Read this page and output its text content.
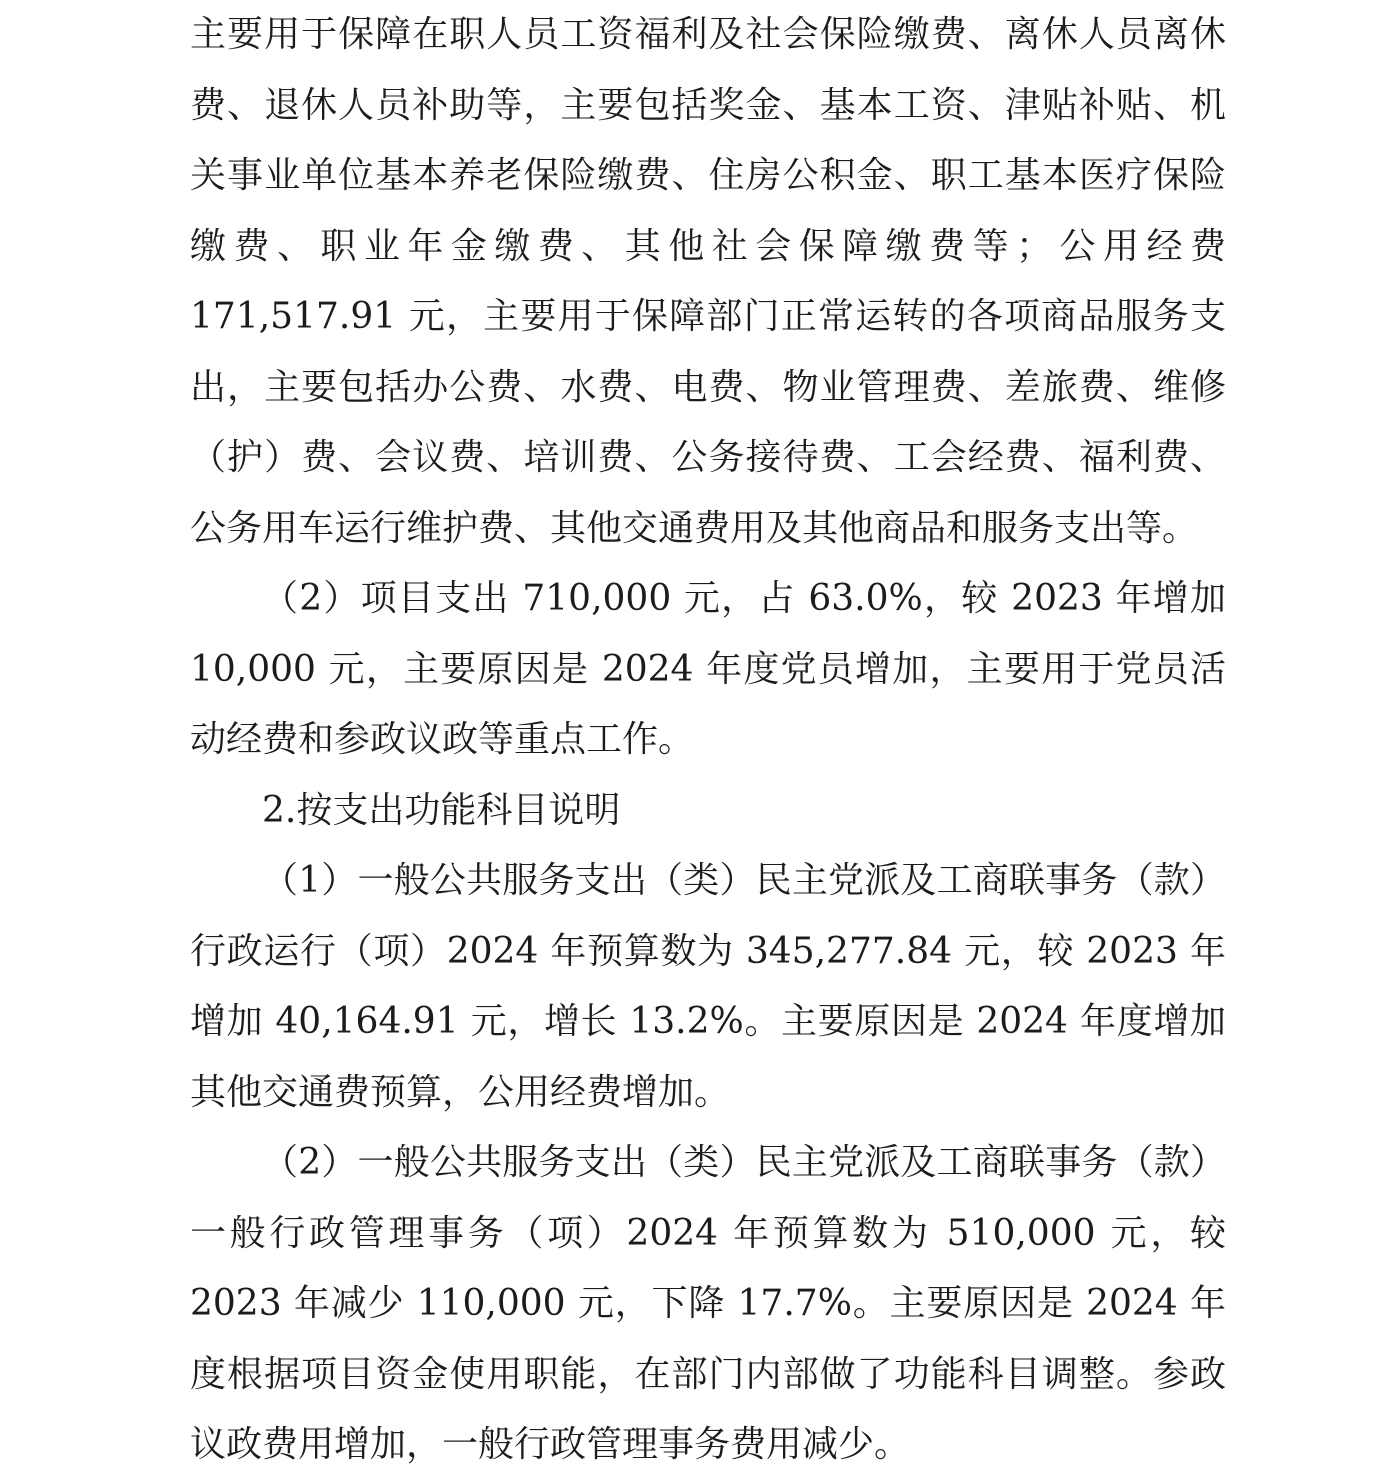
主要用于保障在职人员工资福利及社会保险缴费、离休人员离休费、退休人员补助等，主要包括奖金、基本工资、津贴补贴、机关事业单位基本养老保险缴费、住房公积金、职工基本医疗保险缴费、职业年金缴费、其他社会保障缴费等；公用经费171,517.91 元，主要用于保障部门正常运转的各项商品服务支出，主要包括办公费、水费、电费、物业管理费、差旅费、维修（护）费、会议费、培训费、公务接待费、工会经费、福利费、公务用车运行维护费、其他交通费用及其他商品和服务支出等。

（2）项目支出 710,000 元，占 63.0%，较 2023 年增加 10,000 元，主要原因是 2024 年度党员增加，主要用于党员活动经费和参政议政等重点工作。

2.按支出功能科目说明

（1）一般公共服务支出（类）民主党派及工商联事务（款）行政运行（项）2024 年预算数为 345,277.84 元，较 2023 年增加 40,164.91 元，增长 13.2%。主要原因是 2024 年度增加其他交通费预算，公用经费增加。

（2）一般公共服务支出（类）民主党派及工商联事务（款）一般行政管理事务（项）2024 年预算数为 510,000 元，较 2023 年减少 110,000 元，下降 17.7%。主要原因是 2024 年度根据项目资金使用职能，在部门内部做了功能科目调整。参政议政费用增加，一般行政管理事务费用减少。
